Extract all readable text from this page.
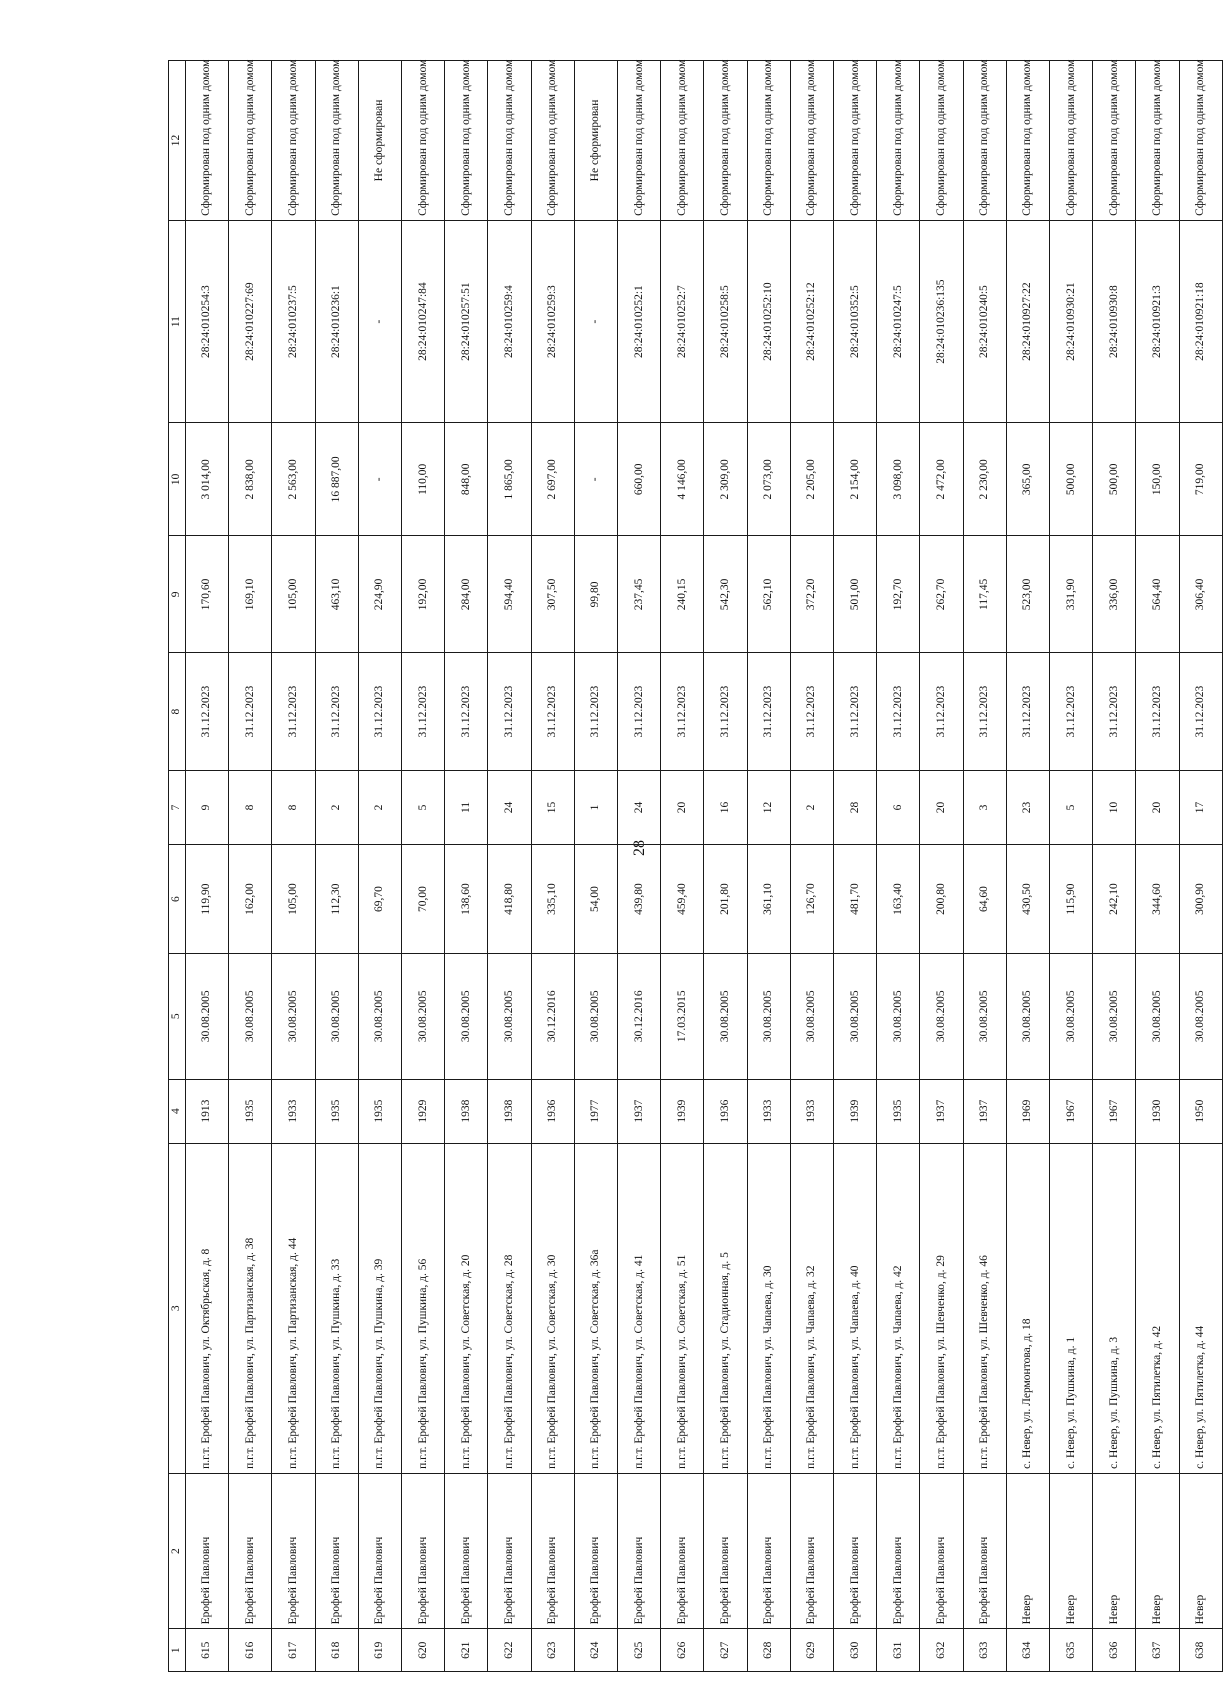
28
1	2	3	4	5	6	7	8	9	10	11	12
615	Ерофей Павлович	п.г.т. Ерофей Павлович, ул. Октябрьская, д. 8	1913	30.08.2005	119,90	9	31.12.2023	170,60	3 014,00	28:24:010254:3	Сформирован под одним домом
616	Ерофей Павлович	п.г.т. Ерофей Павлович, ул. Партизанская, д. 38	1935	30.08.2005	162,00	8	31.12.2023	169,10	2 838,00	28:24:010227:69	Сформирован под одним домом
617	Ерофей Павлович	п.г.т. Ерофей Павлович, ул. Партизанская, д. 44	1933	30.08.2005	105,00	8	31.12.2023	105,00	2 563,00	28:24:010237:5	Сформирован под одним домом
618	Ерофей Павлович	п.г.т. Ерофей Павлович, ул. Пушкина, д. 33	1935	30.08.2005	112,30	2	31.12.2023	463,10	16 887,00	28:24:010236:1	Сформирован под одним домом
619	Ерофей Павлович	п.г.т. Ерофей Павлович, ул. Пушкина, д. 39	1935	30.08.2005	69,70	2	31.12.2023	224,90	-	-	Не сформирован
620	Ерофей Павлович	п.г.т. Ерофей Павлович, ул. Пушкина, д. 56	1929	30.08.2005	70,00	5	31.12.2023	192,00	110,00	28:24:010247:84	Сформирован под одним домом
621	Ерофей Павлович	п.г.т. Ерофей Павлович, ул. Советская, д. 20	1938	30.08.2005	138,60	11	31.12.2023	284,00	848,00	28:24:010257:51	Сформирован под одним домом
622	Ерофей Павлович	п.г.т. Ерофей Павлович, ул. Советская, д. 28	1938	30.08.2005	418,80	24	31.12.2023	594,40	1 865,00	28:24:010259:4	Сформирован под одним домом
623	Ерофей Павлович	п.г.т. Ерофей Павлович, ул. Советская, д. 30	1936	30.12.2016	335,10	15	31.12.2023	307,50	2 697,00	28:24:010259:3	Сформирован под одним домом
624	Ерофей Павлович	п.г.т. Ерофей Павлович, ул. Советская, д. 36а	1977	30.08.2005	54,00	1	31.12.2023	99,80	-	-	Не сформирован
625	Ерофей Павлович	п.г.т. Ерофей Павлович, ул. Советская, д. 41	1937	30.12.2016	439,80	24	31.12.2023	237,45	660,00	28:24:010252:1	Сформирован под одним домом
626	Ерофей Павлович	п.г.т. Ерофей Павлович, ул. Советская, д. 51	1939	17.03.2015	459,40	20	31.12.2023	240,15	4 146,00	28:24:010252:7	Сформирован под одним домом
627	Ерофей Павлович	п.г.т. Ерофей Павлович, ул. Стадионная, д. 5	1936	30.08.2005	201,80	16	31.12.2023	542,30	2 309,00	28:24:010258:5	Сформирован под одним домом
628	Ерофей Павлович	п.г.т. Ерофей Павлович, ул. Чапаева, д. 30	1933	30.08.2005	361,10	12	31.12.2023	562,10	2 073,00	28:24:010252:10	Сформирован под одним домом
629	Ерофей Павлович	п.г.т. Ерофей Павлович, ул. Чапаева, д. 32	1933	30.08.2005	126,70	2	31.12.2023	372,20	2 205,00	28:24:010252:12	Сформирован под одним домом
630	Ерофей Павлович	п.г.т. Ерофей Павлович, ул. Чапаева, д. 40	1939	30.08.2005	481,70	28	31.12.2023	501,00	2 154,00	28:24:010352:5	Сформирован под одним домом
631	Ерофей Павлович	п.г.т. Ерофей Павлович, ул. Чапаева, д. 42	1935	30.08.2005	163,40	6	31.12.2023	192,70	3 098,00	28:24:010247:5	Сформирован под одним домом
632	Ерофей Павлович	п.г.т. Ерофей Павлович, ул. Шевченко, д. 29	1937	30.08.2005	200,80	20	31.12.2023	262,70	2 472,00	28:24:010236:135	Сформирован под одним домом
633	Ерофей Павлович	п.г.т. Ерофей Павлович, ул. Шевченко, д. 46	1937	30.08.2005	64,60	3	31.12.2023	117,45	2 230,00	28:24:010240:5	Сформирован под одним домом
634	Невер	с. Невер, ул. Лермонтова, д. 18	1969	30.08.2005	430,50	23	31.12.2023	523,00	365,00	28:24:010927:22	Сформирован под одним домом
635	Невер	с. Невер, ул. Пушкина, д. 1	1967	30.08.2005	115,90	5	31.12.2023	331,90	500,00	28:24:010930:21	Сформирован под одним домом
636	Невер	с. Невер, ул. Пушкина, д. 3	1967	30.08.2005	242,10	10	31.12.2023	336,00	500,00	28:24:010930:8	Сформирован под одним домом
637	Невер	с. Невер, ул. Пятилетка, д. 42	1930	30.08.2005	344,60	20	31.12.2023	564,40	150,00	28:24:010921:3	Сформирован под одним домом
638	Невер	с. Невер, ул. Пятилетка, д. 44	1950	30.08.2005	300,90	17	31.12.2023	306,40	719,00	28:24:010921:18	Сформирован под одним домом
